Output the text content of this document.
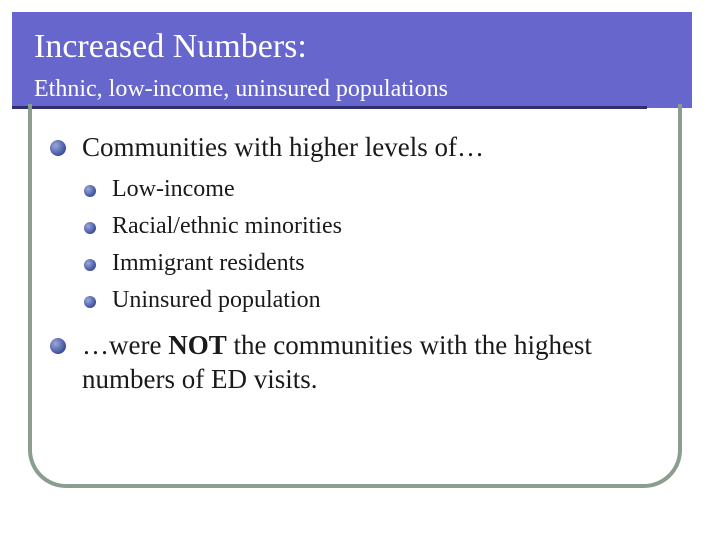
Increased Numbers:
Ethnic, low-income, uninsured populations
Communities with higher levels of…
Low-income
Racial/ethnic minorities
Immigrant residents
Uninsured population
…were NOT the communities with the highest numbers of ED visits.
